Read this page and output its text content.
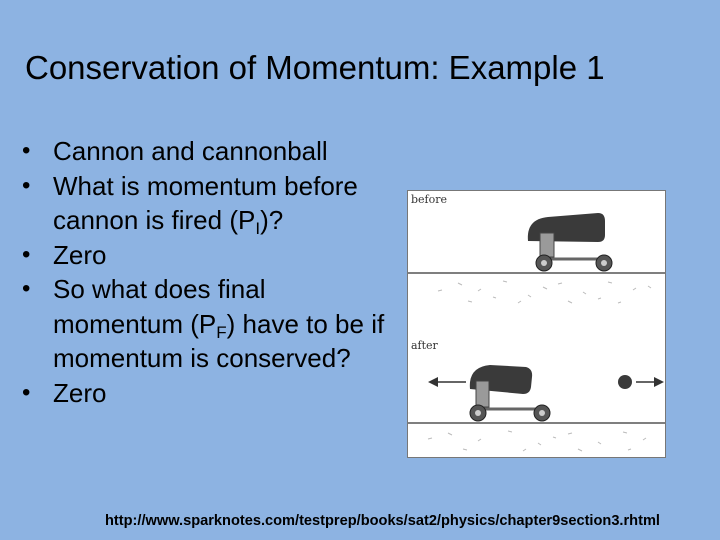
Conservation of Momentum: Example 1
• Cannon and cannonball
• What is momentum before cannon is fired $(P_I)$?
• Zero
• So what does final momentum $(P_F)$ have to be if momentum is conserved?
• Zero
before
after
http://www.sparknotes.com/testprep/books/sat2/physics/chapter9section3.rhtml
